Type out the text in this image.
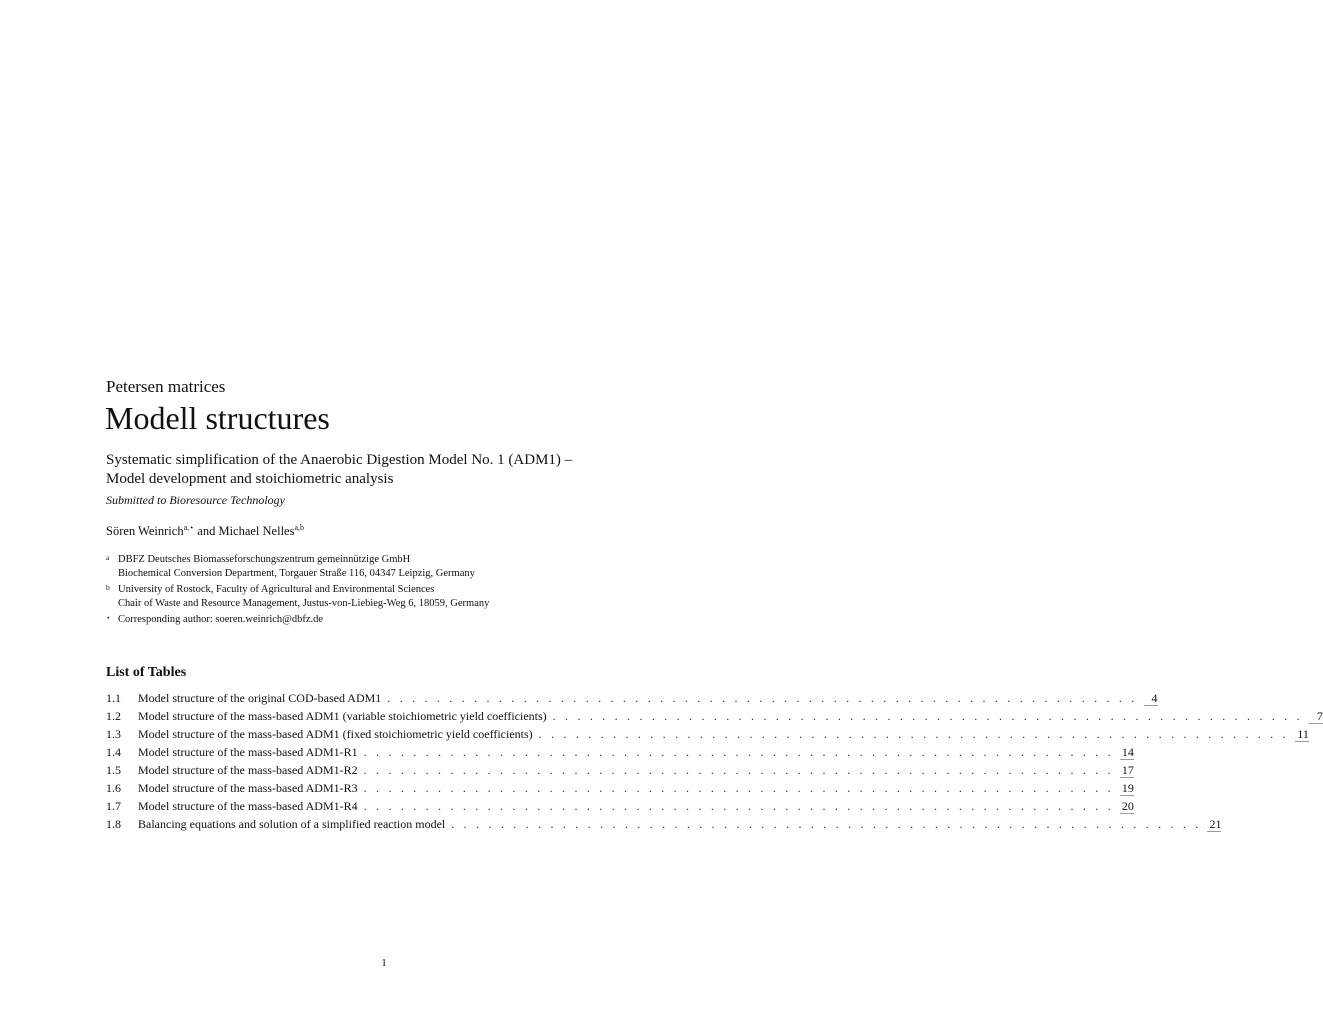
Petersen matrices
Modell structures
Systematic simplification of the Anaerobic Digestion Model No. 1 (ADM1) –
Model development and stoichiometric analysis
Submitted to Bioresource Technology
Sören Weinrich$^{a,⋆}$ and Michael Nelles$^{a,b}$
a DBFZ Deutsches Biomasseforschungszentrum gemeinnützige GmbH
Biochemical Conversion Department, Torgauer Straße 116, 04347 Leipzig, Germany
b University of Rostock, Faculty of Agricultural and Environmental Sciences
Chair of Waste and Resource Management, Justus-von-Liebieg-Weg 6, 18059, Germany
⋆ Corresponding author: soeren.weinrich@dbfz.de
List of Tables
1.1	Model structure of the original COD-based ADM1 . . . . . . . . . . . . . . . . . . . . . . . . . . . . . . . . . . . . . . . . . . . . . . . . . . . . . . . . . . . . .	4
1.2	Model structure of the mass-based ADM1 (variable stoichiometric yield coefficients) . . . . . . . . . . . . . . . . . . . . . . . . . . . . . . . . . . . . . . . . . . . . . . . . . . . . . . . . . . . . .	7
1.3	Model structure of the mass-based ADM1 (fixed stoichiometric yield coefficients) . . . . . . . . . . . . . . . . . . . . . . . . . . . . . . . . . . . . . . . . . . . . . . . . . . . . . . . . . . . . . 11
1.4	Model structure of the mass-based ADM1-R1 . . . . . . . . . . . . . . . . . . . . . . . . . . . . . . . . . . . . . . . . . . . . . . . . . . . . . . . . . . . . . 14
1.5	Model structure of the mass-based ADM1-R2 . . . . . . . . . . . . . . . . . . . . . . . . . . . . . . . . . . . . . . . . . . . . . . . . . . . . . . . . . . . . . 17
1.6	Model structure of the mass-based ADM1-R3 . . . . . . . . . . . . . . . . . . . . . . . . . . . . . . . . . . . . . . . . . . . . . . . . . . . . . . . . . . . . . 19
1.7	Model structure of the mass-based ADM1-R4 . . . . . . . . . . . . . . . . . . . . . . . . . . . . . . . . . . . . . . . . . . . . . . . . . . . . . . . . . . . . . 20
1.8	Balancing equations and solution of a simplified reaction model . . . . . . . . . . . . . . . . . . . . . . . . . . . . . . . . . . . . . . . . . . . . . . . . . . . . . . . . . . . . . 21
1
